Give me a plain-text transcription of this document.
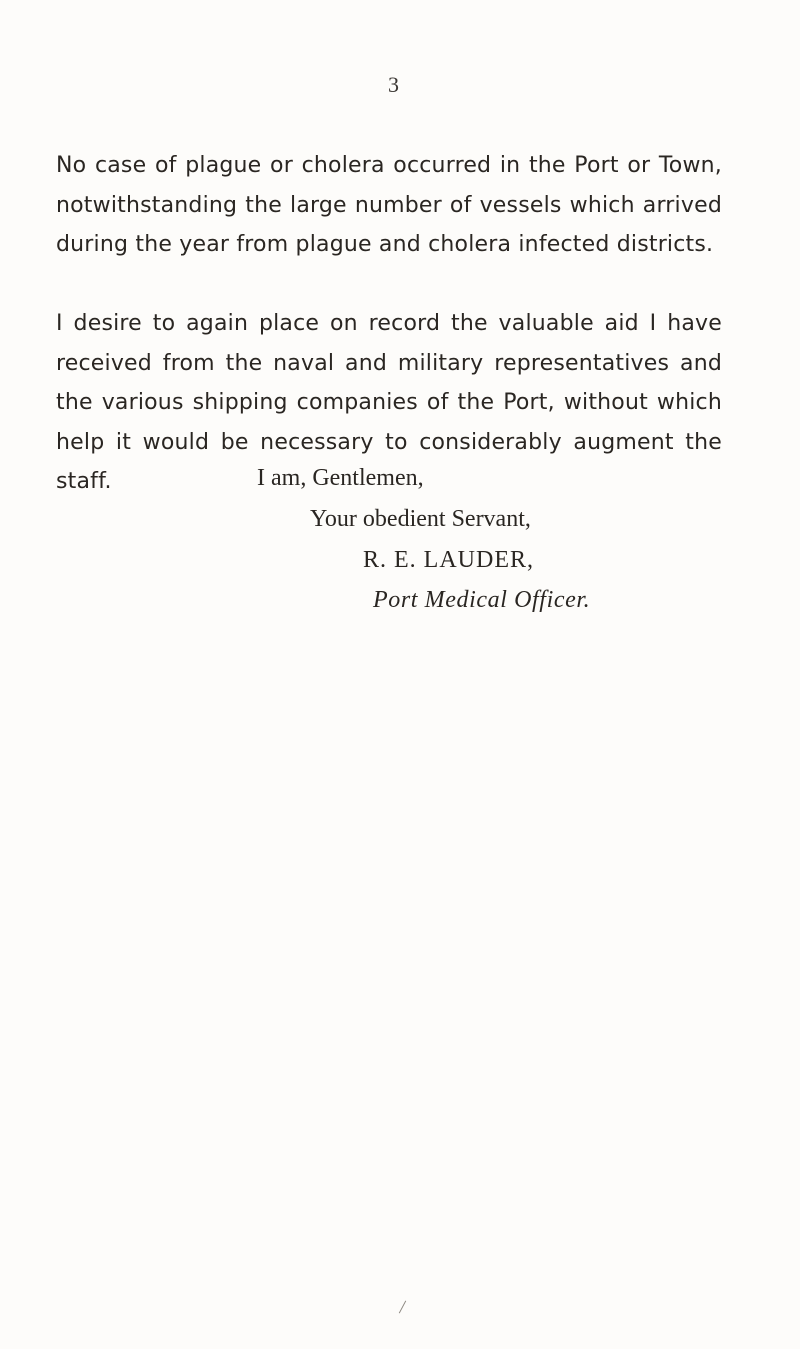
3

No case of plague or cholera occurred in the Port or Town, notwithstanding the large number of vessels which arrived during the year from plague and cholera infected districts.

I desire to again place on record the valuable aid I have received from the naval and military representatives and the various shipping companies of the Port, without which help it would be necessary to considerably augment the staff.	I am, Gentlemen,
Your obedient Servant,
R. E. LAUDER,
Port Medical Officer.
